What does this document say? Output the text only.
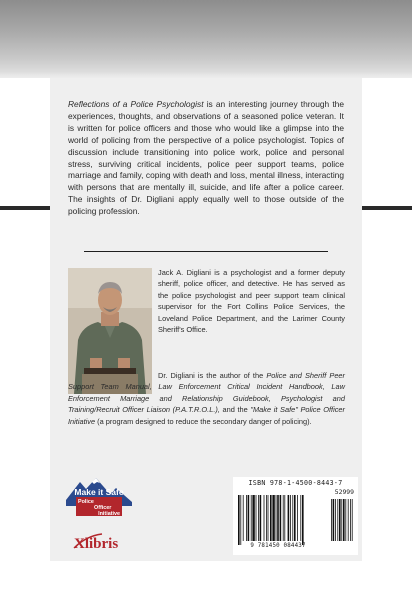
Reflections of a Police Psychologist is an interesting journey through the experiences, thoughts, and observations of a seasoned police veteran. It is written for police officers and those who would like a glimpse into the world of policing from the perspective of a police psychologist. Topics of discussion include transitioning into police work, police and personal stress, surviving critical incidents, police peer support teams, police marriage and family, coping with death and loss, mental illness, interacting with persons that are mentally ill, suicide, and life after a police career. The insights of Dr. Digliani apply equally well to those outside of the policing profession.

Jack A. Digliani is a psychologist and a former deputy sheriff, police officer, and detective. He has served as the police psychologist and peer support team clinical supervisor for the Fort Collins Police Services, the Loveland Police Department, and the Larimer County Sheriff's Office.

Dr. Digliani is the author of the Police and Sheriff Peer Support Team Manual, Law Enforcement Critical Incident Handbook, Law Enforcement Marriage and Relationship Guidebook, Psychologist and Training/Recruit Officer Liaison (P.A.T.R.O.L.), and the "Make it Safe" Police Officer Initiative (a program designed to reduce the secondary danger of policing).

Make it Safe
Police
Officer
Initiative
Xlibris
ISBN 978-1-4500-8443-7
52999
9 781450 084437
